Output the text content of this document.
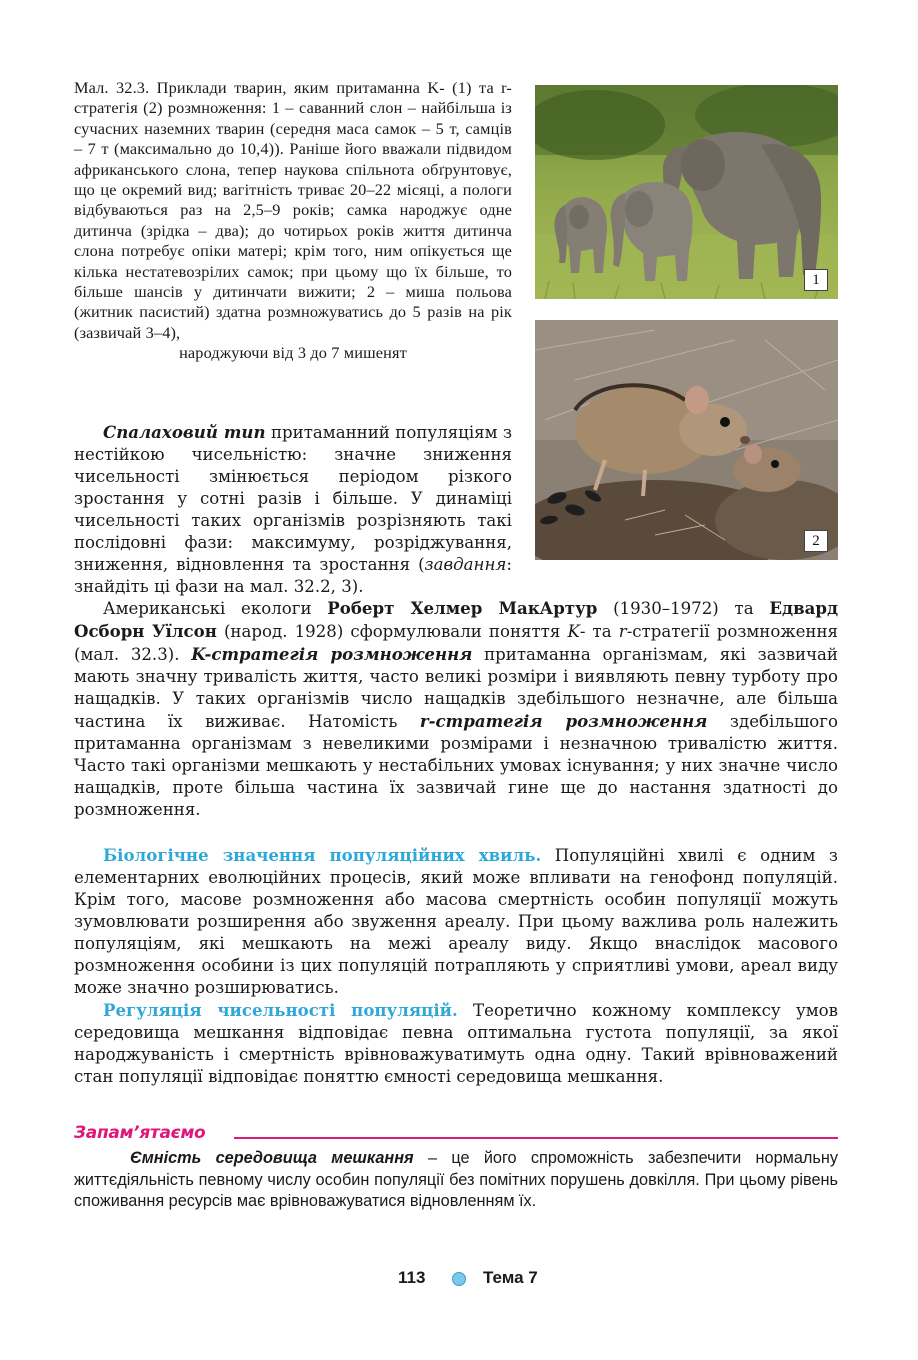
Мал. 32.3. Приклади тварин, яким притаманна K- (1) та r-стратегія (2) розмноження: 1 – саванний слон – найбільша із сучасних наземних тварин (середня маса самок – 5 т, самців – 7 т (максимально до 10,4)). Раніше його вважали підвидом африканського слона, тепер наукова спільнота обґрунтовує, що це окремий вид; вагітність триває 20–22 місяці, а пологи відбуваються раз на 2,5–9 років; самка народжує одне дитинча (зрідка – два); до чотирьох років життя дитинча слона потребує опіки матері; крім того, ним опікується ще кілька нестатевозрілих самок; при цьому що їх більше, то більше шансів у дитинчати вижити; 2 – миша польова (житник пасистий) здатна розмножуватись до 5 разів на рік (зазвичай 3–4),
народжуючи від 3 до 7 мишенят
1
2
Спалаховий тип притаманний популяціям з нестійкою чисельністю: значне зниження чисельності змінюється періодом різкого зростання у сотні разів і більше. У динаміці чисельності таких організмів розрізняють такі послідовні фази: максимуму, розріджування, зниження, відновлення та зростання (завдання: знайдіть ці фази на мал. 32.2, 3).
Американські екологи Роберт Хелмер МакАртур (1930–1972) та Едвард Осборн Уїлсон (народ. 1928) сформулювали поняття K- та r-стратегії розмноження (мал. 32.3). K-стратегія розмноження притаманна організмам, які зазвичай мають значну тривалість життя, часто великі розміри і виявляють певну турботу про нащадків. У таких організмів число нащадків здебільшого незначне, але більша частина їх виживає. Натомість r-стратегія розмноження здебільшого притаманна організмам з невеликими розмірами і незначною тривалістю життя. Часто такі організми мешкають у нестабільних умовах існування; у них значне число нащадків, проте більша частина їх зазвичай гине ще до настання здатності до розмноження.
Біологічне значення популяційних хвиль. Популяційні хвилі є одним з елементарних еволюційних процесів, який може впливати на генофонд популяцій. Крім того, масове розмноження або масова смертність особин популяції можуть зумовлювати розширення або звуження ареалу. При цьому важлива роль належить популяціям, які мешкають на межі ареалу виду. Якщо внаслідок масового розмноження особини із цих популяцій потрапляють у сприятливі умови, ареал виду може значно розширюватись.
Регуляція чисельності популяцій. Теоретично кожному комплексу умов середовища мешкання відповідає певна оптимальна густота популяції, за якої народжуваність і смертність врівноважуватимуть одна одну. Такий врівноважений стан популяції відповідає поняттю ємності середовища мешкання.
Запам’ятаємо
Ємність середовища мешкання – це його спроможність забезпечити нормальну життєдіяльність певному числу особин популяції без помітних порушень довкілля. При цьому рівень споживання ресурсів має врівноважуватися відновленням їх.
113	Тема 7
